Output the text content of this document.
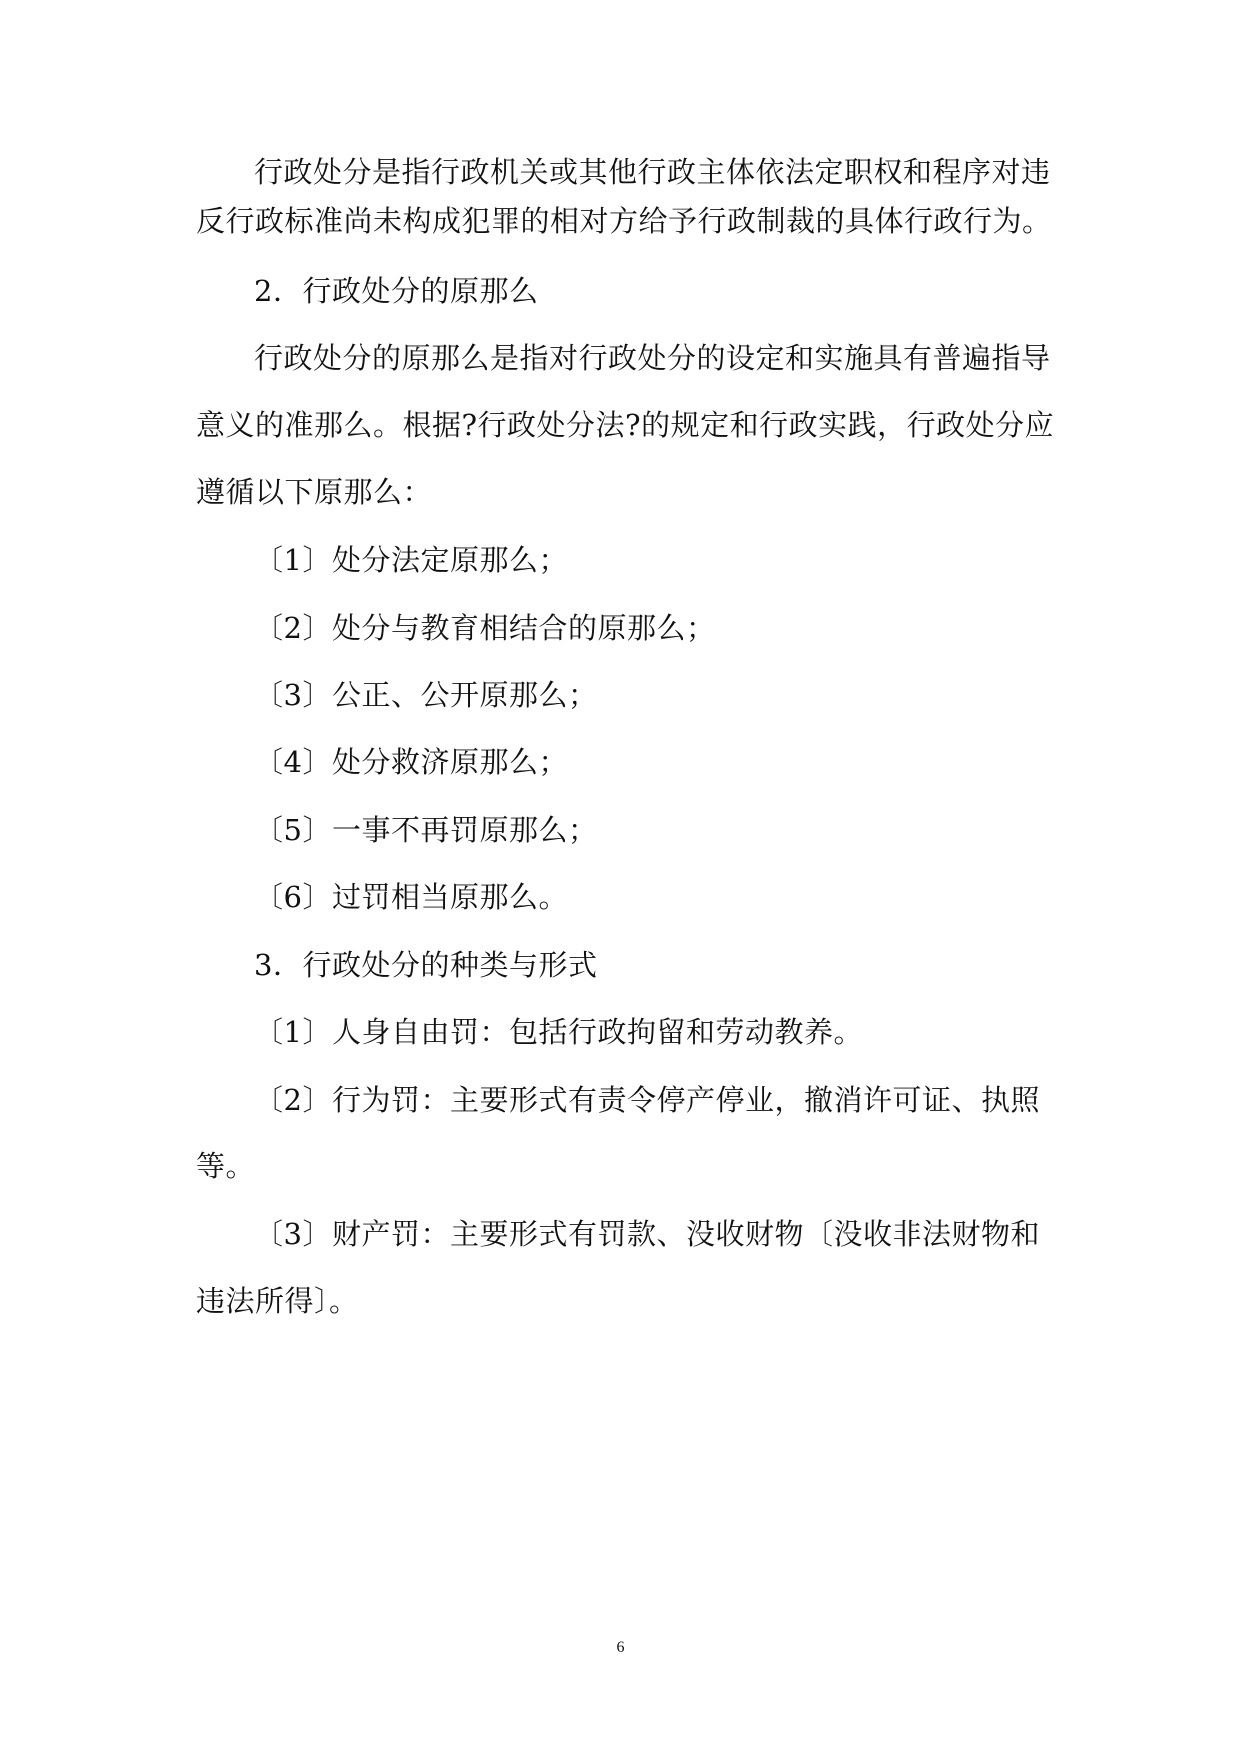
行政处分是指行政机关或其他行政主体依法定职权和程序对违
反行政标准尚未构成犯罪的相对方给予行政制裁的具体行政行为。
2．行政处分的原那么
行政处分的原那么是指对行政处分的设定和实施具有普遍指导
意义的准那么。根据?行政处分法?的规定和行政实践，行政处分应
遵循以下原那么：
〔1〕处分法定原那么；
〔2〕处分与教育相结合的原那么；
〔3〕公正、公开原那么；
〔4〕处分救济原那么；
〔5〕一事不再罚原那么；
〔6〕过罚相当原那么。
3．行政处分的种类与形式
〔1〕人身自由罚：包括行政拘留和劳动教养。
〔2〕行为罚：主要形式有责令停产停业，撤消许可证、执照
等。
〔3〕财产罚：主要形式有罚款、没收财物〔没收非法财物和
违法所得〕。
6
